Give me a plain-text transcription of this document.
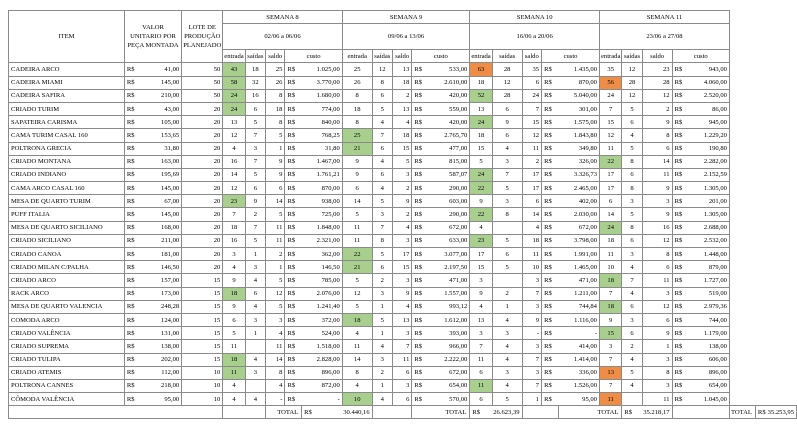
ITEM	VALOR UNITARIO POR PEÇA MONTADA		LOTE DE PRODUÇÃO PLANEJADO	SEMANA 8					SEMANA 9					SEMANA 10					SEMANA 11							
				02/06 a 06/06					09/06 a 13/06					16/06 a 20/06					23/06 a 27/08							
				entrada	saídas	saldo	custo		entrada	saídas	saldo	custo		entrada	saídas	saldo	custo		entrada	saídas	saldo	custo				
CADEIRA ARCO	R$	41,00	50	43	18	25	R$	1.025,00	25	12	13	R$	533,00	63	28	35	R$	1.435,00	35	12	23	R$	943,00			
CADEIRA MIAMI	R$	145,00	50	58	32	26	R$	3.770,00	26	8	18	R$	2.610,00	18	12	6	R$	870,00	56	28	28	R$	4.060,00			
CADEIRA SAFIRA	R$	210,00	50	24	16	8	R$	1.680,00	8	6	2	R$	420,00	52	28	24	R$	5.040,00	24	12	12	R$	2.520,00			
CRIADO TURIM	R$	43,00	20	24	6	18	R$	774,00	18	5	13	R$	559,00	13	6	7	R$	301,00	7	5	2	R$	86,00			
SAPATEIRA CARISMA	R$	105,00	20	13	5	8	R$	840,00	8	4	4	R$	420,00	24	9	15	R$	1.575,00	15	6	9	R$	945,00			
CAMA TURIM CASAL 160	R$	153,65	20	12	7	5	R$	768,25	25	7	18	R$	2.765,70	18	6	12	R$	1.843,80	12	4	8	R$	1.229,20			
POLTRONA GRECIA	R$	31,80	20	4	3	1	R$	31,80	21	6	15	R$	477,00	15	4	11	R$	349,80	11	5	6	R$	190,80			
CRIADO MONTANA	R$	163,00	20	16	7	9	R$	1.467,00	9	4	5	R$	815,00	5	3	2	R$	326,00	22	8	14	R$	2.282,00			
CRIADO INDIANO	R$	195,69	20	14	5	9	R$	1.761,21	9	6	3	R$	587,07	24	7	17	R$	3.326,73	17	6	11	R$	2.152,59			
CAMA ARCO CASAL 160	R$	145,00	20	12	6	6	R$	870,00	6	4	2	R$	290,00	22	5	17	R$	2.465,00	17	8	9	R$	1.305,00			
MESA DE QUARTO TURIM	R$	67,00	20	23	9	14	R$	938,00	14	5	9	R$	603,00	9	3	6	R$	402,00	6	3	3	R$	201,00			
PUFF ITALIA	R$	145,00	20	7	2	5	R$	725,00	5	3	2	R$	290,00	22	8	14	R$	2.030,00	14	5	9	R$	1.305,00			
MESA DE QUARTO SICILIANO	R$	168,00	20	18	7	11	R$	1.848,00	11	7	4	R$	672,00	4		4	R$	672,00	24	8	16	R$	2.688,00			
CRIADO SICILIANO	R$	211,00	20	16	5	11	R$	2.321,00	11	8	3	R$	633,00	23	5	18	R$	3.798,00	18	6	12	R$	2.532,00			
CRIADO CANOA	R$	181,00	20	3	1	2	R$	362,00	22	5	17	R$	3.077,00	17	6	11	R$	1.991,00	11	3	8	R$	1.448,00			
CRIADO MILAN C/PALHA	R$	146,50	20	4	3	1	R$	146,50	21	6	15	R$	2.197,50	15	5	10	R$	1.465,00	10	4	6	R$	879,00			
CRIADO ARCO	R$	157,00	15	9	4	5	R$	785,00	5	2	3	R$	471,00	3		3	R$	471,00	18	7	11	R$	1.727,00			
RACK ARCO	R$	173,00	15	18	6	12	R$	2.076,00	12	3	9	R$	1.557,00	9	2	7	R$	1.211,00	7	4	3	R$	519,00			
MESA DE QUARTO VALENCIA	R$	248,28	15	9	4	5	R$	1.241,40	5	1	4	R$	993,12	4	1	3	R$	744,84	18	6	12	R$	2.979,36			
COMODA ARCO	R$	124,00	15	6	3	3	R$	372,00	18	5	13	R$	1.612,00	13	4	9	R$	1.116,00	9	3	6	R$	744,00			
CRIADO VALÊNCIA	R$	131,00	15	5	1	4	R$	524,00	4	1	3	R$	393,00	3	3	-	R$	-	15	6	9	R$	1.179,00			
CRIADO SUPREMA	R$	138,00	15	11		11	R$	1.518,00	11	4	7	R$	966,00	7	4	3	R$	414,00	3	2	1	R$	138,00			
CRIADO TULIPA	R$	202,00	15	18	4	14	R$	2.828,00	14	3	11	R$	2.222,00	11	4	7	R$	1.414,00	7	4	3	R$	606,00			
CRIADO ATEMIS	R$	112,00	10	11	3	8	R$	896,00	8	2	6	R$	672,00	6	3	3	R$	336,00	13	5	8	R$	896,00			
POLTRONA CANNES	R$	218,00	10	4		4	R$	872,00	4	1	3	R$	654,00	11	4	7	R$	1.526,00	7	4	3	R$	654,00			
CÔMODA VALÊNCIA	R$	95,00	10	4	4	-	R$	-	10	4	6	R$	570,00	6	5	1	R$	95,00	11		11	R$	1.045,00			
						TOTAL		R$	30.440,16			TOTAL		R$	26.623,39			TOTAL		R$	35.218,17			TOTAL	R$	35.253,95
